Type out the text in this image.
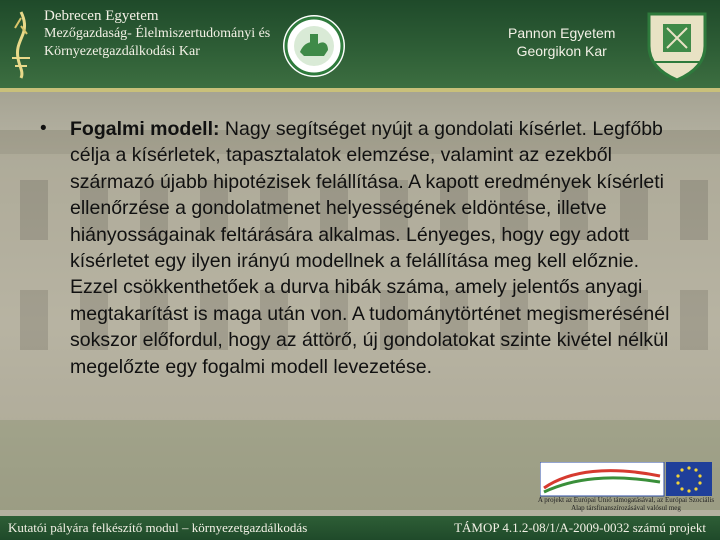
Debrecen Egyetem
Mezőgazdaság- Élelmiszertudományi és
Környezetgazdálkodási Kar
Pannon Egyetem
Georgikon Kar
•	Fogalmi modell: Nagy segítséget nyújt a gondolati kísérlet. Legfőbb célja a kísérletek, tapasztalatok elemzése, valamint az ezekből származó újabb hipotézisek felállítása. A kapott eredmények kísérleti ellenőrzése a gondolatmenet helyességének eldöntése, illetve hiányosságainak feltárására alkalmas. Lényeges, hogy egy adott kísérletet egy ilyen irányú modellnek a felállítása meg kell előznie. Ezzel csökkenthetőek a durva hibák száma, amely jelentős anyagi megtakarítást is maga után von. A tudománytörténet megismerésénél sokszor előfordul, hogy az áttörő, új gondolatokat szinte kivétel nélkül megelőzte egy fogalmi modell levezetése.
A projekt az Európai Unió támogatásával, az Európai Szociális Alap társfinanszírozásával valósul meg
Kutatói pályára felkészítő modul – környezetgazdálkodás	TÁMOP 4.1.2-08/1/A-2009-0032 számú projekt
